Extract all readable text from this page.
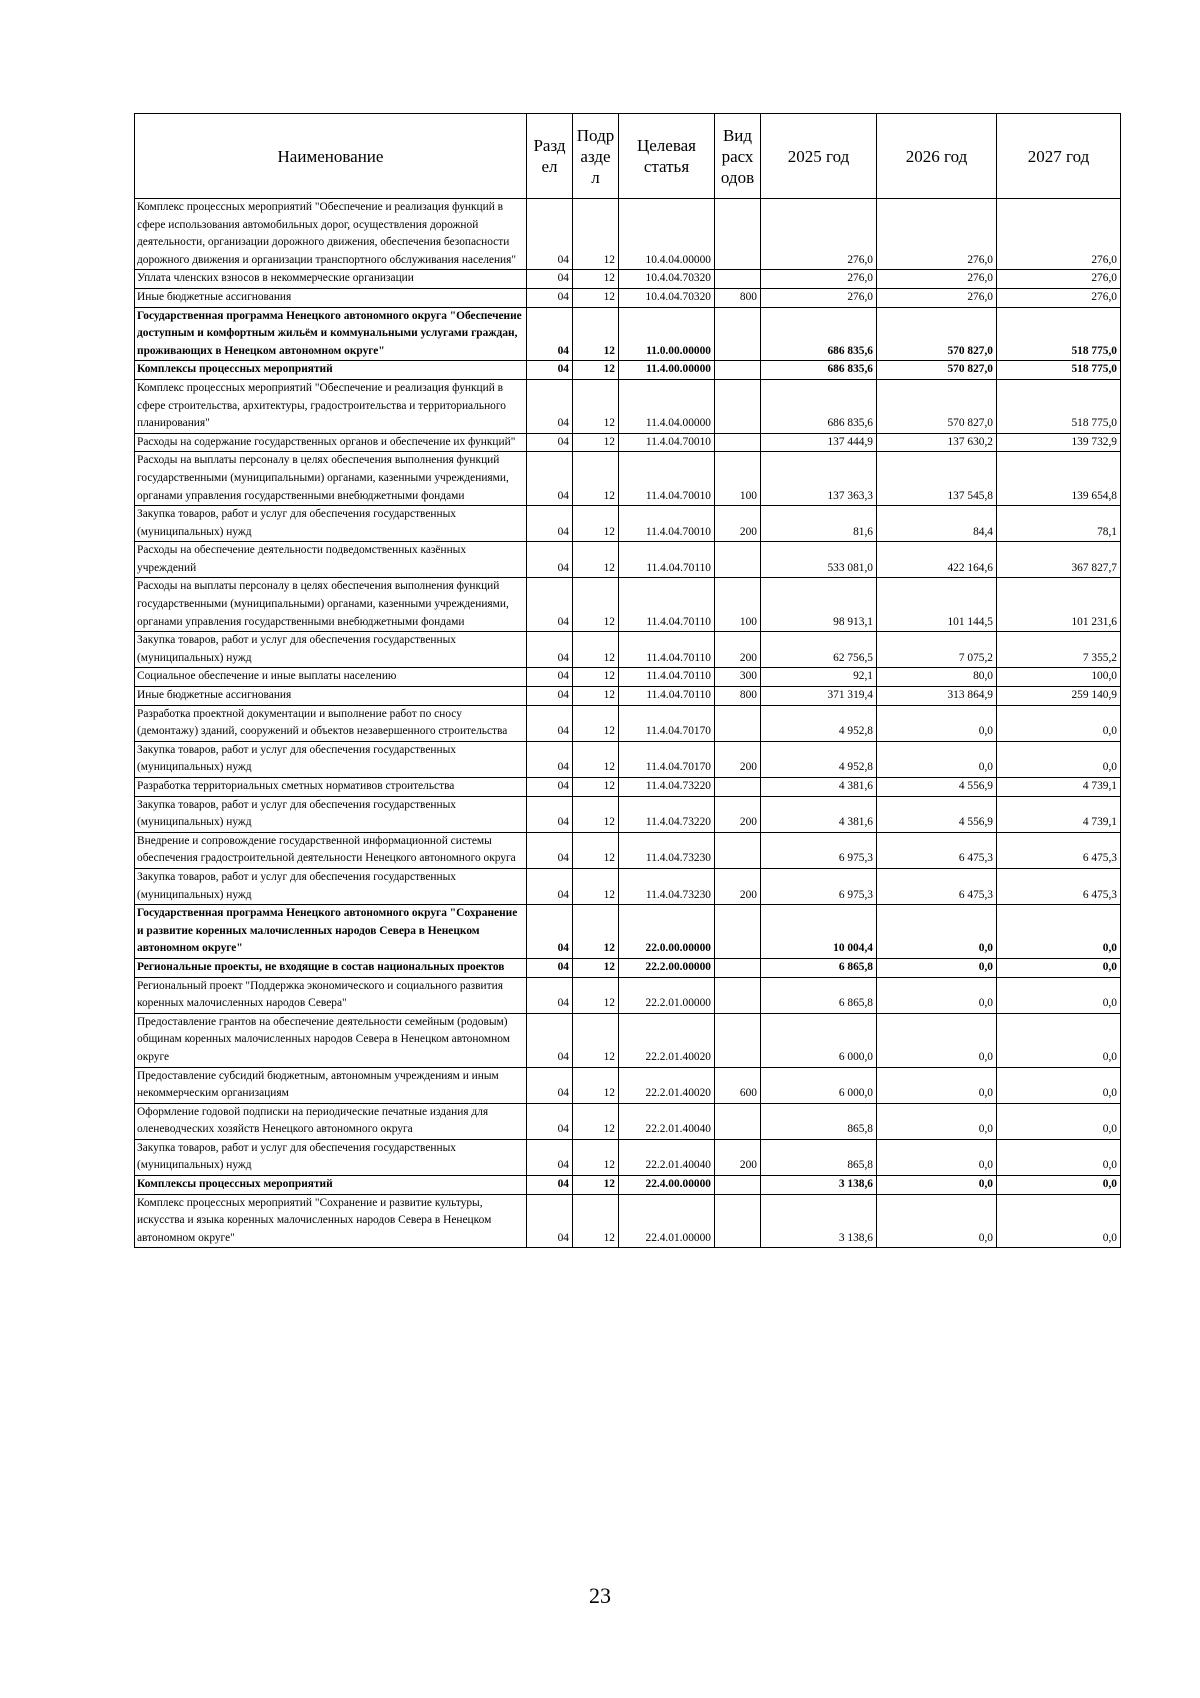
Наименование	Разд ел	Подр азде л	Целевая статья	Вид расх одов	2025 год	2026 год	2027 год
Комплекс процессных мероприятий "Обеспечение и реализация функций в сфере использования автомобильных дорог, осуществления дорожной деятельности, организации дорожного движения, обеспечения безопасности дорожного движения и организации транспортного обслуживания населения"	04	12	10.4.04.00000		276,0	276,0	276,0
Уплата членских взносов в некоммерческие организации	04	12	10.4.04.70320		276,0	276,0	276,0
Иные бюджетные ассигнования	04	12	10.4.04.70320	800	276,0	276,0	276,0
Государственная программа Ненецкого автономного округа "Обеспечение доступным и комфортным жильём и коммунальными услугами граждан, проживающих в Ненецком автономном округе"	04	12	11.0.00.00000		686 835,6	570 827,0	518 775,0
Комплексы процессных мероприятий	04	12	11.4.00.00000		686 835,6	570 827,0	518 775,0
Комплекс процессных мероприятий "Обеспечение и реализация функций в сфере строительства, архитектуры, градостроительства и территориального планирования"	04	12	11.4.04.00000		686 835,6	570 827,0	518 775,0
Расходы на содержание государственных органов и обеспечение их функций"	04	12	11.4.04.70010		137 444,9	137 630,2	139 732,9
Расходы на выплаты персоналу в целях обеспечения выполнения функций государственными (муниципальными) органами, казенными учреждениями, органами управления государственными внебюджетными фондами	04	12	11.4.04.70010	100	137 363,3	137 545,8	139 654,8
Закупка товаров, работ и услуг для обеспечения государственных (муниципальных) нужд	04	12	11.4.04.70010	200	81,6	84,4	78,1
Расходы на обеспечение деятельности подведомственных казённых учреждений	04	12	11.4.04.70110		533 081,0	422 164,6	367 827,7
Расходы на выплаты персоналу в целях обеспечения выполнения функций государственными (муниципальными) органами, казенными учреждениями, органами управления государственными внебюджетными фондами	04	12	11.4.04.70110	100	98 913,1	101 144,5	101 231,6
Закупка товаров, работ и услуг для обеспечения государственных (муниципальных) нужд	04	12	11.4.04.70110	200	62 756,5	7 075,2	7 355,2
Социальное обеспечение и иные выплаты населению	04	12	11.4.04.70110	300	92,1	80,0	100,0
Иные бюджетные ассигнования	04	12	11.4.04.70110	800	371 319,4	313 864,9	259 140,9
Разработка проектной документации и выполнение работ по сносу (демонтажу) зданий, сооружений и объектов незавершенного строительства	04	12	11.4.04.70170		4 952,8	0,0	0,0
Закупка товаров, работ и услуг для обеспечения государственных (муниципальных) нужд	04	12	11.4.04.70170	200	4 952,8	0,0	0,0
Разработка территориальных сметных нормативов строительства	04	12	11.4.04.73220		4 381,6	4 556,9	4 739,1
Закупка товаров, работ и услуг для обеспечения государственных (муниципальных) нужд	04	12	11.4.04.73220	200	4 381,6	4 556,9	4 739,1
Внедрение и сопровождение государственной информационной системы обеспечения градостроительной деятельности Ненецкого автономного округа	04	12	11.4.04.73230		6 975,3	6 475,3	6 475,3
Закупка товаров, работ и услуг для обеспечения государственных (муниципальных) нужд	04	12	11.4.04.73230	200	6 975,3	6 475,3	6 475,3
Государственная программа Ненецкого автономного округа "Сохранение и развитие коренных малочисленных народов Севера в Ненецком автономном округе"	04	12	22.0.00.00000		10 004,4	0,0	0,0
Региональные проекты, не входящие в состав национальных проектов	04	12	22.2.00.00000		6 865,8	0,0	0,0
Региональный проект "Поддержка экономического и социального развития коренных малочисленных народов Севера"	04	12	22.2.01.00000		6 865,8	0,0	0,0
Предоставление грантов на обеспечение деятельности семейным (родовым) общинам коренных малочисленных народов Севера в Ненецком автономном округе	04	12	22.2.01.40020		6 000,0	0,0	0,0
Предоставление субсидий бюджетным, автономным учреждениям и иным некоммерческим организациям	04	12	22.2.01.40020	600	6 000,0	0,0	0,0
Оформление годовой подписки на периодические печатные издания для оленеводческих хозяйств Ненецкого автономного округа	04	12	22.2.01.40040		865,8	0,0	0,0
Закупка товаров, работ и услуг для обеспечения государственных (муниципальных) нужд	04	12	22.2.01.40040	200	865,8	0,0	0,0
Комплексы процессных мероприятий	04	12	22.4.00.00000		3 138,6	0,0	0,0
Комплекс процессных мероприятий "Сохранение и развитие культуры, искусства и языка коренных малочисленных народов Севера в Ненецком автономном округе"	04	12	22.4.01.00000		3 138,6	0,0	0,0
23
